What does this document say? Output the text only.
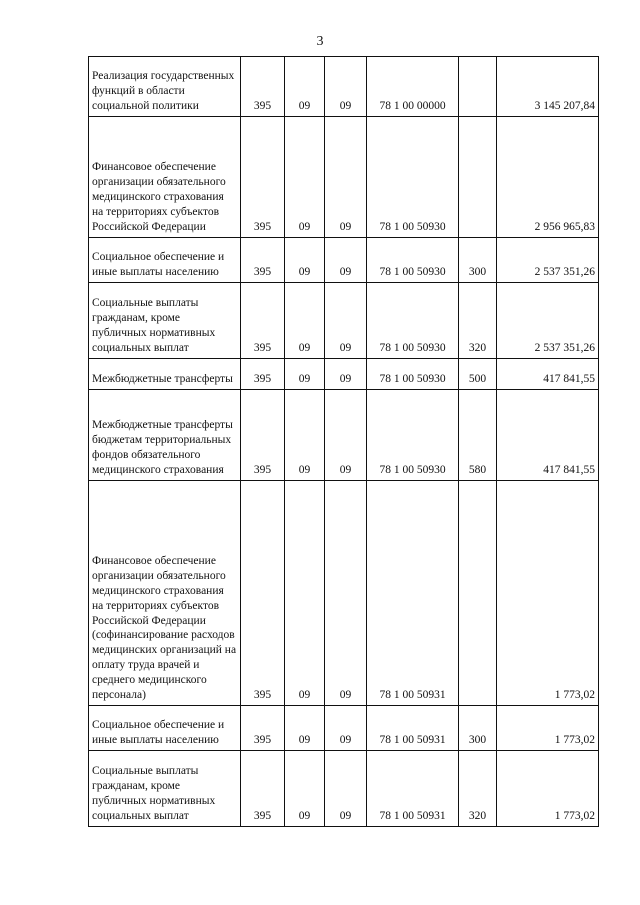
3
Реализация государственных функций в области социальной политики	395	09	09	78 1 00 00000		3 145 207,84
Финансовое обеспечение организации обязательного медицинского страхования на территориях субъектов Российской Федерации	395	09	09	78 1 00 50930		2 956 965,83
Социальное обеспечение и иные выплаты населению	395	09	09	78 1 00 50930	300	2 537 351,26
Социальные выплаты гражданам, кроме публичных нормативных социальных выплат	395	09	09	78 1 00 50930	320	2 537 351,26
Межбюджетные трансферты	395	09	09	78 1 00 50930	500	417 841,55
Межбюджетные трансферты бюджетам территориальных фондов обязательного медицинского страхования	395	09	09	78 1 00 50930	580	417 841,55
Финансовое обеспечение организации обязательного медицинского страхования на территориях субъектов Российской Федерации (софинансирование расходов медицинских организаций на оплату труда врачей и среднего медицинского персонала)	395	09	09	78 1 00 50931		1 773,02
Социальное обеспечение и иные выплаты населению	395	09	09	78 1 00 50931	300	1 773,02
Социальные выплаты гражданам, кроме публичных нормативных социальных выплат	395	09	09	78 1 00 50931	320	1 773,02
